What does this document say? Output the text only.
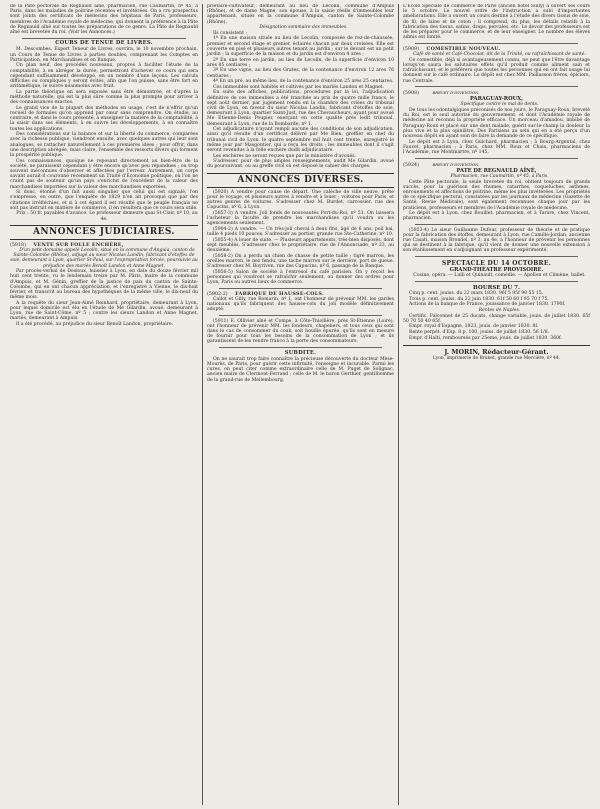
de la Pâte pectorale de Regnauld aîné, pharmacien, rue Caumartin, nº 45, à Paris, dans les maladies de poitrine récentes et invétérées. On a cru prospectus sont joints des certificats de médecins des hôpitaux de Paris, professeurs, membres de l'Académie royale de médecine, qui donnent la préférence à la Pâte de Regnauld aîné sur toutes les préparations de ce genre. La Pâte de Regnauld aîné est brevetée du roi. (Voir les Annonces.)

COURS DE TENUE DE LIVRES.

M. Descombes, Expert Teneur de Livres, ouvrira, le 10 novembre prochain, un Cours de Tenue de Livres à parties doubles, comprenant les Comptes en Participation, en Marchandises et en Banque.

Un plan neuf, des procédés nouveaux, propres à faciliter l'étude de la comptabilité, à en abréger la durée, permettront d'achever ce cours qui sera cependant suffisamment développé, en un nombre d'une leçons. Les calculs difficiles ou compliqués y seront évités, afin que l'on puisse, sans être fort en arithmétique, le suivre néanmoins avec fruit.

La partie théorique en sera exposée sans être démontrée, et d'après la méthode naturelle, qui est la plus sûre comme la plus prompte pour arriver à des connaissances exactes.

Le grand vice de la plupart des méthodes en usage, c'est de n'offrir qu'un recueil de formules qu'on apprend par cœur sans comprendre. On étudie, au contraire, et dans le cours présenté, à enseigner la matière de la comptabilité, à la saisir dans ses éléments, à en suivre les développements, à en connaître toutes les applications.

Des considérations sur la balance et sur la liberté du commerce, comparées avec la richesse publique, viendront ensuite, avec quelques autres qui leur sont analogues, se rattacher naturellement à ces premières idées ; pour offrir, dans une description abrégée, mais claire, l'ensemble des ressorts divers qui forment la prospérité publique.

Ces connaissances, quoique ne reposant directement au bien-être de la société, ne paraissent cependant y être encore qu'avec peu répandues ; ou trop souvent méconnues d'observer et affectées par l'erreur. Autrement, un corps savant aurait-il couronné récemment un Traité d'Économie politique, où l'on ne craint pas de soutenir qu'un pays s'enrichit de l'excédent de la valeur des marchandises importées sur la valeur des marchandises exportées.

Si donc, étonné d'un fait aussi singulier que celui qui est signalé, l'on s'empresse, en outre, que l'enquête de 1829 n'en ait provoqué que par des citations irréfléchies, et si à cet égard il est résulté que le peuple français ne soit pas instruit en matière de commerce, il en résultera que ce cours sera utile.

Prix : 50 fr. payables d'avance. Le professeur demeure quai St-Clair, nº 10, au 4e.

ANNONCES JUDICIAIRES.
(5918) VENTE SUR FOLLE ENCHÈRE,

D'un petit domaine appelé Lecolin, situé en la commune d'Anguia, canton de Sainte-Colombe (Rhône), adjugé au sieur Nicolas Landin, fabricant d'étoffes de soie, demeurant à Lyon, quartier St-Paul, sur l'expropriation forcée, poursuivie au préjudice des mariés Benoît Landon et Anne Magnet.

Par procès-verbal de Desloux, huissier à Lyon, en date du douze février mil huit cent trente, vu le lendemain treize par M. Pâris, maire de la commune d'Ampuis, et M. Génin, greffier de la justice de paix du canton de Sainte-Colombe, qui en ont chacun appréciation, et l'enregistré à Vienne, le dix-huit février, et transcrit au bureau des hypothèques de la même ville, le dix-neuf du même mois.

A la requête du sieur Jean-Aimé Reinhard, propriétaire, demeurant à Lyon, pour lequel domicile est élu en l'étude de Me Gilardin, avoué, demeurant à Lyon, rue de Saint-Côme, nº 5 ; contre les sieurs Landon et Anne Magnet, mariés, demeurant à Ampuis.

Il a été procédé, au préjudice du sieur Benoît Landon, propriétaire.

priétaire-cultivateur, demeurant au lieu de Lecolin, commune d'Ampuis (Rhône), et de dame Magne, son épouse, à la saisie réelle d'immeubles leur appartenant, situés en la commune d'Ampuis, canton de Sainte-Colombe (Rhône).

Désignation sommaire des immeubles.

Ils consistent :

1º En une maison située au lieu de Lecolin, composée de rez-de-chaussée, premier et second étage et grenier, éclairés chacun par deux croisées. Elle est couverte en pisé et plusieurs autres tenant au jardin ; sur le devant est un petit jardin ; la superficie de la maison et du jardin est d'environ 4 ares ;

2º En une terre en jardin, au lieu de Lecolin, de la superficie d'environ 10 ares 85 centiares ;

3º En une vigne, au lieu des Grates, de la contenance d'environ 12 ares 76 centiares ;

4º En un pré, au même lieu, de la contenance d'environ 25 ares 25 centiares.

Ces immeubles sont habités et cultivés par les mariés Landon et Magnet.

En suite des affiches, publications, procédures par la loi, l'adjudication définitive de ces immeubles a été tranchée au prix de quatre mille francs, le sept août dernier, par jugement rendu en la chambre des criées du tribunal civil de Lyon, en faveur du sieur Nicolas Landin, fabricant d'étoffes de soie, demeurant à Lyon, quartier Saint-Just, rue des Chevaucheurs, ayant pour avoué Me Étienne-Denis Poupier, exerçant en cette qualité près ledit tribunal, demeurant à Lyon, rue de la Bombarde, nº 1.

Cet adjudicataire n'ayant rempli aucune des conditions de son adjudication, ainsi qu'il résulte d'un certificat délivré par Me Bien, greffier en chef du tribunal civil de Lyon, le quatre septembre mil huit cent trente, enregistré le même jour par Masgontier, qui a reçu les droits ; les immeubles dont il s'agit seront revendus à la folle enchère dudit adjudicataire.

Les enchères ne seront reçues que par le ministère d'avoués.

S'adresser, pour de plus amples renseignements, audit Me Gilardin, avoué du poursuivant, ou au greffe civil où est déposé le cahier des charges.

ANNONCES DIVERSES.

(5920) A vendre pour cause de départ. Une calèche de ville neuve, prête pour le voyage, et plusieurs autres à vendre et à louer ; voitures pour Paris, et autres genres de voitures. S'adresser chez M. Burdet, carrossier, rue des Capucins, nº 6, à Lyon.

(5857-3) A vendre. Joli fonds de nouveautés Port-du-Roi, nº 51. On laissera l'acheteur la faculté de prendre les marchandises qu'il voudra ou les agencements seulement.

(5904-2) A vendre. — Un très-joli cheval à deux fins, âgé de 6 ans, poil bai, taille 4 pieds 10 pouces. S'adresser au portier, grande rue Ste-Catherine, nº 10.

(5855-4) A louer de suite. — Plusieurs appartements, très-bien disposés, dont sept meublés. S'adresser chez le propriétaire, rue de l'Annonciade, nº 23, au deuxième.

(5858-2) On a perdu un chien de chasse de petite taille ; tigré marron, les oreilles marron, le nez fendu, une tache marron sur le derrière, port de queue. S'adresser chez M. Boyriven, rue des Capucins, nº 6, passage de la Banque.

(5856-5) Salon de société à l'entresol du café parisien. On y reçoit les personnes qui voudront se rafraîchir seulement, ou donner des ordres pour Lyon, Paris ou autres lieux de commerce.

(5902-2) FABRIQUE DE HAUSSE-COLS.

Callot et Gilly, rue Romarin, nº 1, ont l'honneur de prévenir MM. les gardes nationaux qu'ils fabriquent des hausse-cols du joli modèle définitivement adopté.

(5911) E. Ollivier aîné et Compe, à Côte-Thiollière, près St-Étienne (Loire), ont l'honneur de prévenir MM. les fondeurs, chapeliers, et tous ceux qui sont dans le cas de consommer du coak, soit houille épurée, qu'ils sont en mesure de fournir pour tous les besoins de la consommation de Lyon ; et ils garantissent de les rendre franco à la porte des consommateurs.

SUBDITE.

On ne saurait trop faire connaître la précieuse découverte du docteur Mèse-Mourès, de Paris, pour guérir cette infirmité, l'enseigne et incurable. Parmi les cures, on peut citer comme extraordinaire celle de M. Puget de Solignac, ancien maire de Clermont-Ferrand ; celle de M. le baron Gerthier, gentilhomme de la grand-rue de Mellembourg.

L'École Spéciale de commerce de Paris (ancien hôtel Sully) a ouvert ses cours le 5 octobre. Le nouvel ordre de l'instruction a subi d'importantes améliorations. Elle a ouvert un cours destiné à l'étude des divers tissus de soie, de fil, de laine et de coton ; il comprend, du plus, les détails relatifs à la fabrication des tissus, satins, draps, percales, etc. Le devoir des professeurs est de les préparer pour le commerce, et de leur enseigner. Le nombre des élèves admis est limité.

(5909) COMESTIBLE NOUVEAU.

Café de santé et Café-Chocolat, dit de la Trinité, ou rafraîchissant de santé.

Ce comestible, déjà si avantageusement connu, ne peut que l'être davantage lorsqu'on saura les salutaires effets qu'il produit comme aliment sain et rafraîchissant, et le préférera que toutes les personnes qui en ont fait usage lui donnent sur le café ordinaire. Le dépôt est chez MM. Paillasson frères, épiciers, rue Centrale.

(5908)	BREVET D'INVENTION.
PARAGUAY-ROUX,

Spécifique contre le mal de dents.

De tous les odontalgiques préconisés de nos jours, le Paraguay-Roux, breveté du Roi, est le seul autorisé du gouvernement, et dont l'Académie royale de médecine ait reconnu la propriété efficace. Un morceau d'amadou, imbibé de Paraguay-Roux et placé sur une dent malade, guérit sur-le-champ la douleur la plus vive et la plus opiniâtre. Des Parisiens au sein qui en a été perçu d'un nouveau dépôt en ayant soin de faire la demande de ce spécifique.

Le dépôt est à Lyon, chez Guichard, pharmacien ; à Bourg-Argental, chez Fauvet, pharmacien ; à Paris, chez MM. Roux et Chaix, pharmaciens de l'Académie, rue Montmartre, nº 145.

(5924)	BREVET D'INVENTION.
PATE DE REGNAULD AÎNÉ,

Pharmacien, rue Caumartin, nº 45, à Paris.

Cette Pâte pectorale, la seule brevetée du roi, obtient toujours de grands succès, pour la guérison des rhumes, catarrhes, coqueluches, asthmes, enrouements et affections de poitrine, même les plus invétérées. Les propriétés de ce spécifique pectoral, constatées par les journaux de médecine (Gazette de Santé, Revue Médicale), sont également reconnues chaque jour par les praticiens, professeurs et membres de l'Académie royale de médecine.

Le dépôt est à Lyon, chez Bouillet, pharmacien, et à Tarare, chez Vincent, pharmacien.

(5853-4) Le sieur Guillaume Dufour, professeur de théorie et de pratique pour la fabrication des étoffes, demeurant à Lyon, rue Camille-Jordan, ancienne rue Casati, maison Brondel, nº 3, au 4e, a l'honneur de prévenir les personnes qui se destinent à la fabrique, qu'il vient de donner une nouvelle extension à son établissement en s'adjoignant un professeur expérimenté.

SPECTACLE DU 14 OCTOBRE.
GRAND-THÉATRE PROVISOIRE.

Cosine, opéra. — Lulli et Quinault, comédie. — Apollon et Climène, ballet.

BOURSE DU 7.

Cinq p. cent. jouiss. du 22 mars 1830. 96f 5 95f 90 55 15.

Trois p. cent. jouiss. du 22 juin 1830. 61f 50 60 f 95 70 f 75.

Actions de la banque de France, jouissance de janvier 1830. 1790f.

Rentes de Naples.

Certific. Falconnet de 25 ducats, change variable, jouis. de juillet 1830. 65f 50 70 50 40 65f.

Empr. royal d'Espagne, 1823, jouis. de janvier 1830. 8f.

Rente perpét. d'Esp. 8 p. 100, jouiss. de juillet 1830. 56 1/8.

Empr. d'Haïti, remboursés par 25eme, jouis. de juillet 1830. 360f.

J. MORIN, Rédacteur-Gérant.
Lyon, imprimerie de Brunet, grande rue Mercière, nº 44.
